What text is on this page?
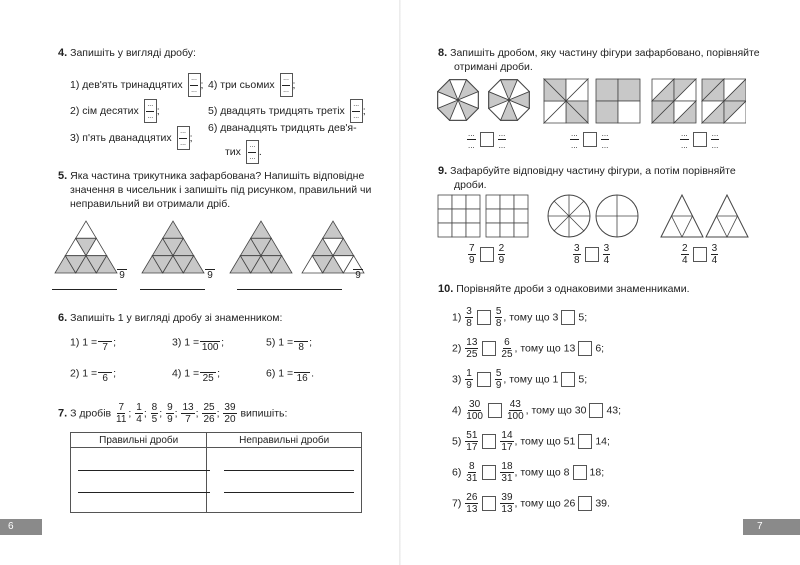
4. Запишіть у вигляді дробу:
1) дев'ять тринадцятих
...
... ; 4) три сьомих
...
... ;
2) сім десятих
...
... ;	5) двадцять тридцять третіх
...
... ;
3) п'ять дванадцятих
...
... ;
6) дванадцять тридцять дев'я-
тих
...
... .
5. Яка частина трикутника зафарбована? Напишіть відповідне
значення в чисельник і запишіть під рисунком, правильний чи
неправильний ви отримали дріб.

9
	9
	9
6. Запишіть 1 у вигляді дробу зі знаменником:
1) 1 = 7 ;	3) 1 = 100 ;	5) 1 = 8 ;
2) 1 = 6 ;	4) 1 = 25 ;	6) 1 = 16 .
7. З дробів $\frac{7}{11}$ ; $\frac{1}{4}$ ; $\frac{8}{5}$ ; $\frac{9}{9}$ ; $\frac{13}{7}$ ; $\frac{25}{26}$ ; $\frac{39}{20}$ випишіть:
Правильні дроби	Неправильні дроби

6
8. Запишіть дробом, яку частину фігури зафарбовано, порівняйте
отримані дроби.
...
...
...
...
...
...
...
...
...
...
...
...
9. Зафарбуйте відповідну частину фігури, а потім порівняйте
дроби.
$\frac{7}{9} \frac{2}{9}$	$\frac{3}{8} \frac{3}{4}$	$\frac{2}{4} \frac{3}{4}$
10. Порівняйте дроби з однаковими знаменниками.
$1) \frac{3}{8} \frac{5}{8}$ , тому що 3 5;
$2) \frac{13}{25} \frac{6}{25}$ , тому що 13 6;
$3) \frac{1}{9} \frac{5}{9}$ , тому що 1 5;
$4) \frac{30}{100} \frac{43}{100}$ , тому що 30 43;
$5) \frac{51}{17} \frac{14}{17}$ , тому що 51 14;
$6) \frac{8}{31} \frac{18}{31}$ , тому що 8 18;
$7) \frac{26}{13} \frac{39}{13}$ , тому що 26 39.
7
